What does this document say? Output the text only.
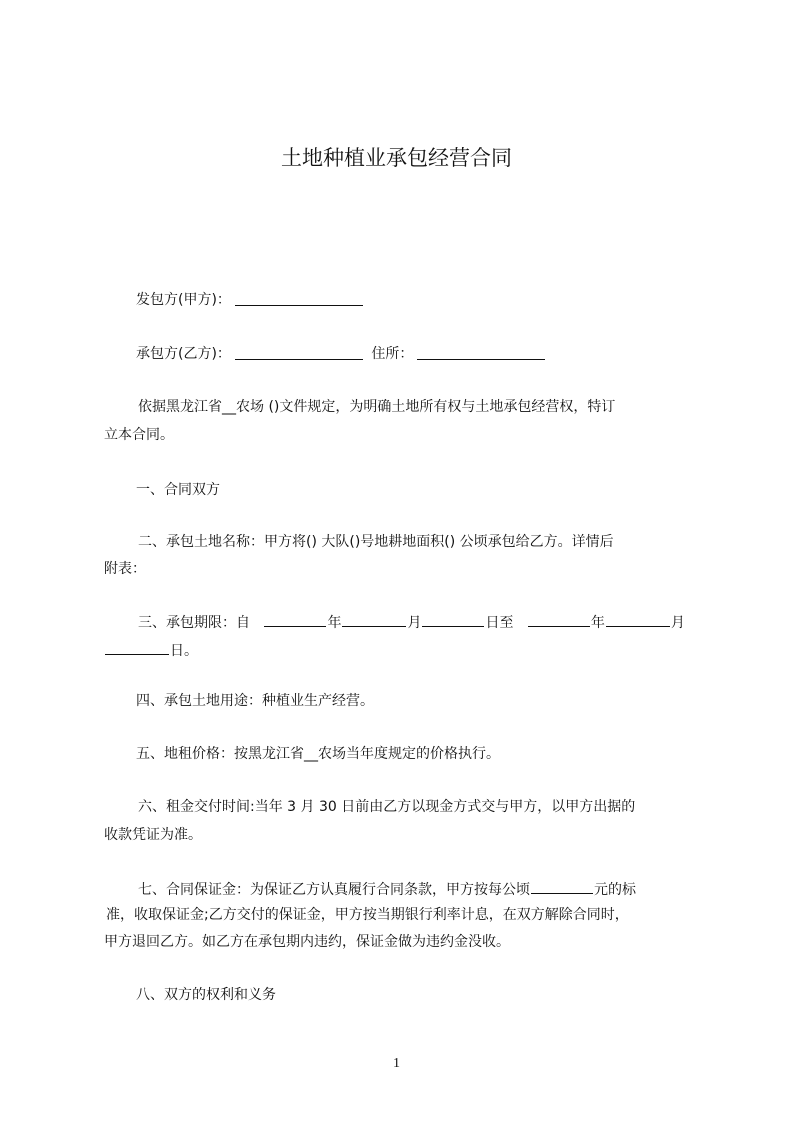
土地种植业承包经营合同
发包方(甲方)：
承包方(乙方)：	住所：
依据黑龙江省__农场 ()文件规定，为明确土地所有权与土地承包经营权，特订
立本合同。
一、合同双方
二、承包土地名称：甲方将() 大队()号地耕地面积() 公顷承包给乙方。详情后
附表：
三、承包期限：自	年	月	日至	年	月
日。
四、承包土地用途：种植业生产经营。
五、地租价格：按黑龙江省__农场当年度规定的价格执行。
六、租金交付时间:当年 3 月 30 日前由乙方以现金方式交与甲方，以甲方出据的
收款凭证为准。
七、合同保证金：为保证乙方认真履行合同条款，甲方按每公顷	元的标
准，收取保证金;乙方交付的保证金，甲方按当期银行利率计息，在双方解除合同时，
甲方退回乙方。如乙方在承包期内违约，保证金做为违约金没收。
八、双方的权利和义务
1
